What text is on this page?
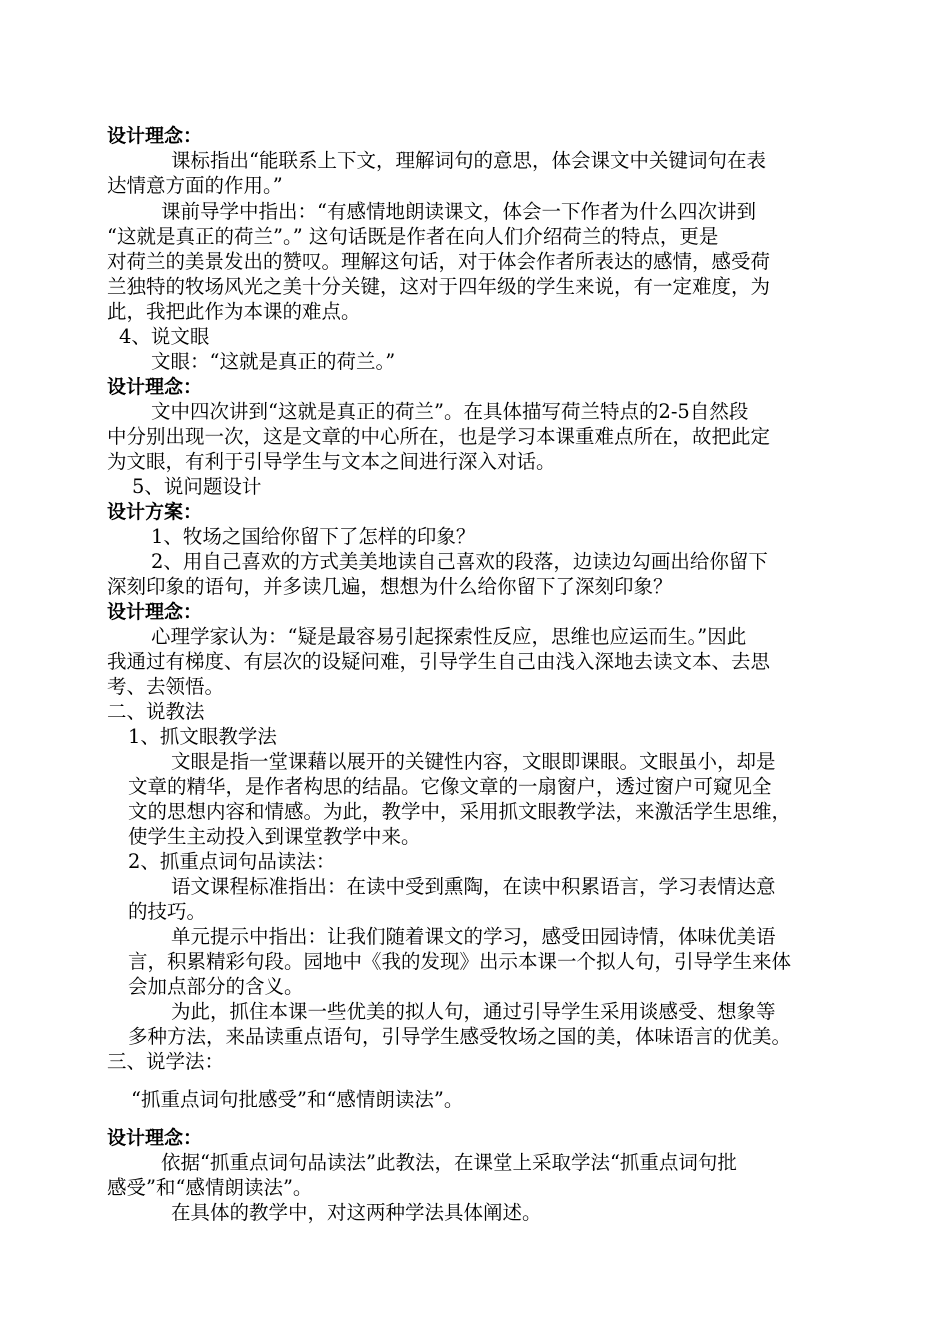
设计理念：

课标指出“能联系上下文，理解词句的意思，体会课文中关键词句在表

达情意方面的作用。”

课前导学中指出：“有感情地朗读课文，体会一下作者为什么四次讲到

“这就是真正的荷兰”。” 这句话既是作者在向人们介绍荷兰的特点，更是

对荷兰的美景发出的赞叹。理解这句话，对于体会作者所表达的感情，感受荷

兰独特的牧场风光之美十分关键，这对于四年级的学生来说，有一定难度，为

此，我把此作为本课的难点。

4、说文眼

文眼：“这就是真正的荷兰。”

设计理念：

文中四次讲到“这就是真正的荷兰”。在具体描写荷兰特点的2-5自然段

中分别出现一次，这是文章的中心所在，也是学习本课重难点所在，故把此定

为文眼，有利于引导学生与文本之间进行深入对话。

5、说问题设计

设计方案：

1、牧场之国给你留下了怎样的印象？

2、用自己喜欢的方式美美地读自己喜欢的段落，边读边勾画出给你留下

深刻印象的语句，并多读几遍，想想为什么给你留下了深刻印象？

设计理念：

心理学家认为：“疑是最容易引起探索性反应，思维也应运而生。”因此

我通过有梯度、有层次的设疑问难，引导学生自己由浅入深地去读文本、去思

考、去领悟。

二、说教法

1、抓文眼教学法

文眼是指一堂课藉以展开的关键性内容，文眼即课眼。文眼虽小，却是

文章的精华，是作者构思的结晶。它像文章的一扇窗户，透过窗户可窥见全

文的思想内容和情感。为此，教学中，采用抓文眼教学法，来激活学生思维，

使学生主动投入到课堂教学中来。

2、抓重点词句品读法：

语文课程标准指出：在读中受到熏陶，在读中积累语言，学习表情达意

的技巧。

单元提示中指出：让我们随着课文的学习，感受田园诗情，体味优美语

言，积累精彩句段。园地中《我的发现》出示本课一个拟人句，引导学生来体

会加点部分的含义。

为此，抓住本课一些优美的拟人句，通过引导学生采用谈感受、想象等

多种方法，来品读重点语句，引导学生感受牧场之国的美，体味语言的优美。

三、说学法：

“抓重点词句批感受”和“感情朗读法”。

设计理念：

依据“抓重点词句品读法”此教法，在课堂上采取学法“抓重点词句批

感受”和“感情朗读法”。

在具体的教学中，对这两种学法具体阐述。
